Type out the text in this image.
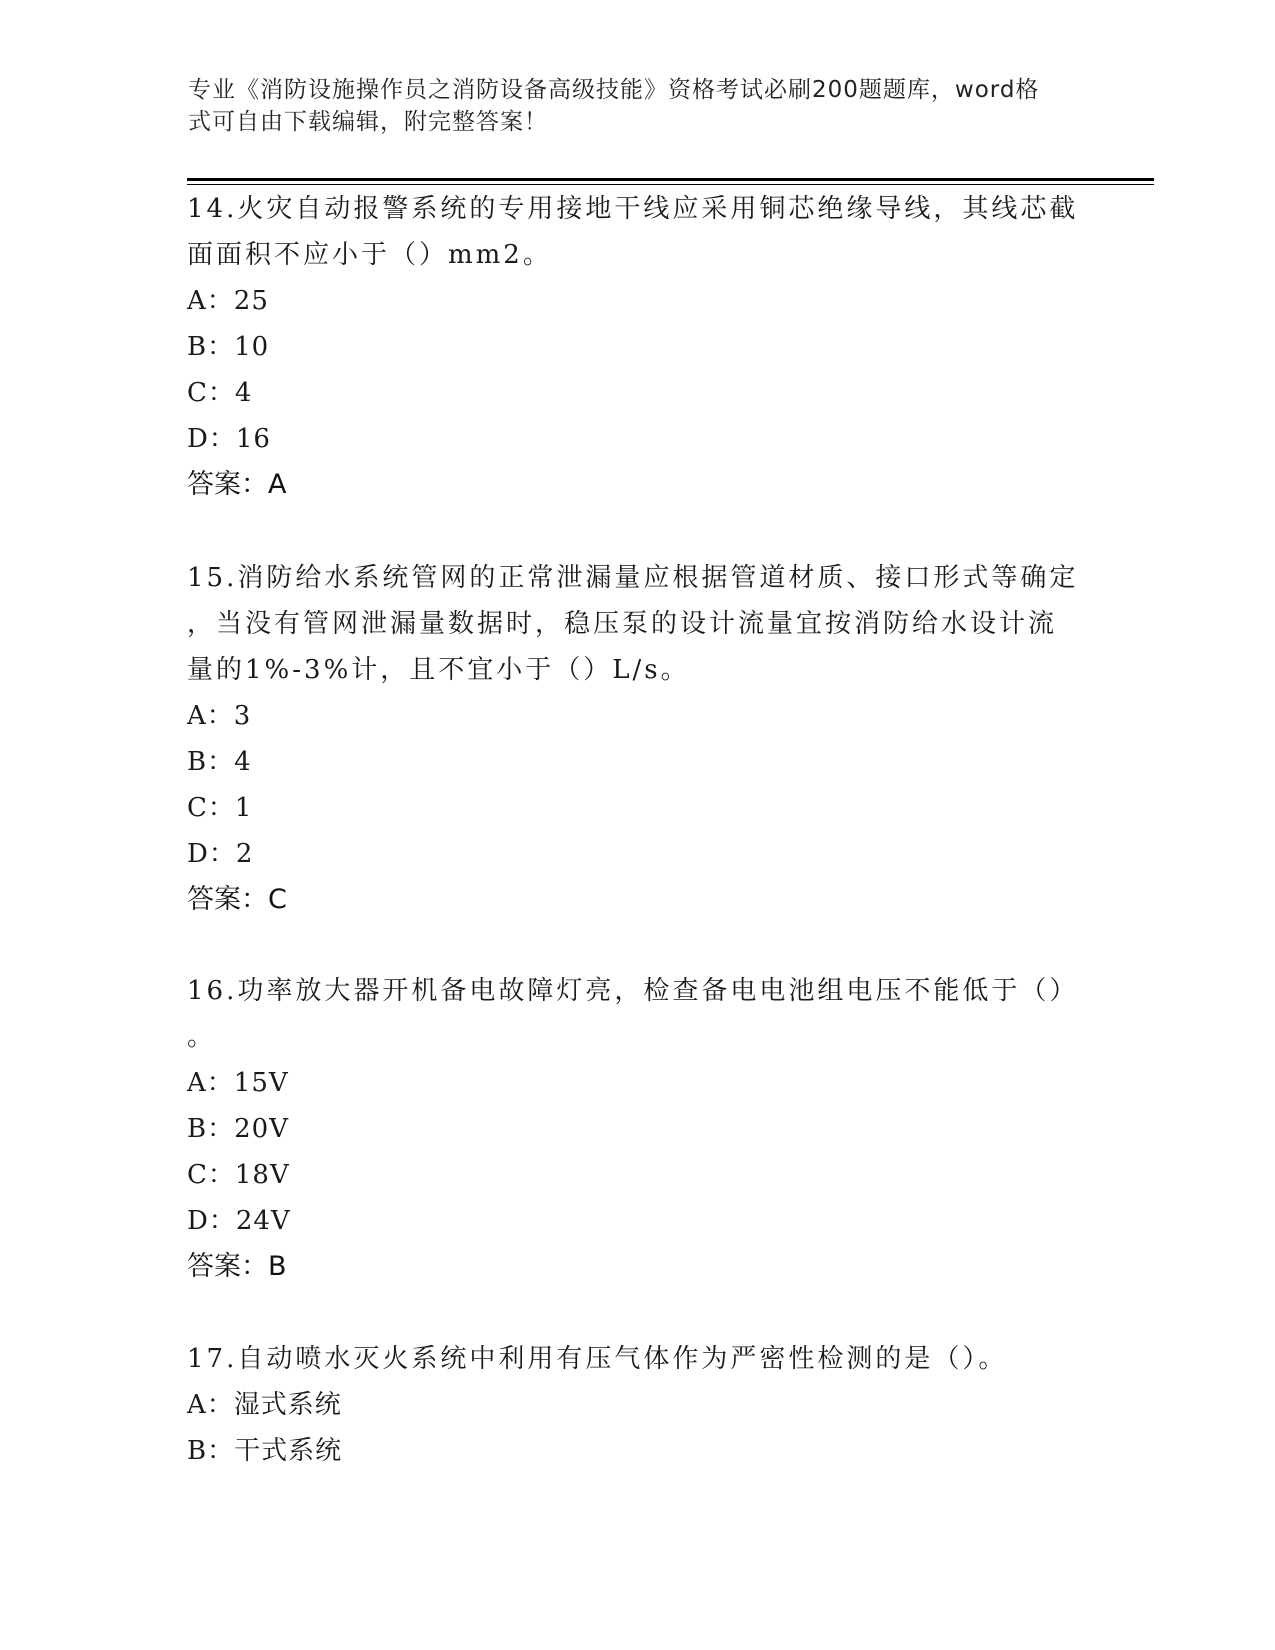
专业《消防设施操作员之消防设备高级技能》资格考试必刷200题题库，word格
式可自由下载编辑，附完整答案！
14.火灾自动报警系统的专用接地干线应采用铜芯绝缘导线，其线芯截
面面积不应小于（）mm2。
A：25
B：10
C：4
D：16
答案：A
15.消防给水系统管网的正常泄漏量应根据管道材质、接口形式等确定
，当没有管网泄漏量数据时，稳压泵的设计流量宜按消防给水设计流
量的1%-3%计，且不宜小于（）L/s。
A：3
B：4
C：1
D：2
答案：C
16.功率放大器开机备电故障灯亮，检查备电电池组电压不能低于（）
。
A：15V
B：20V
C：18V
D：24V
答案：B
17.自动喷水灭火系统中利用有压气体作为严密性检测的是（）。
A：湿式系统
B：干式系统
